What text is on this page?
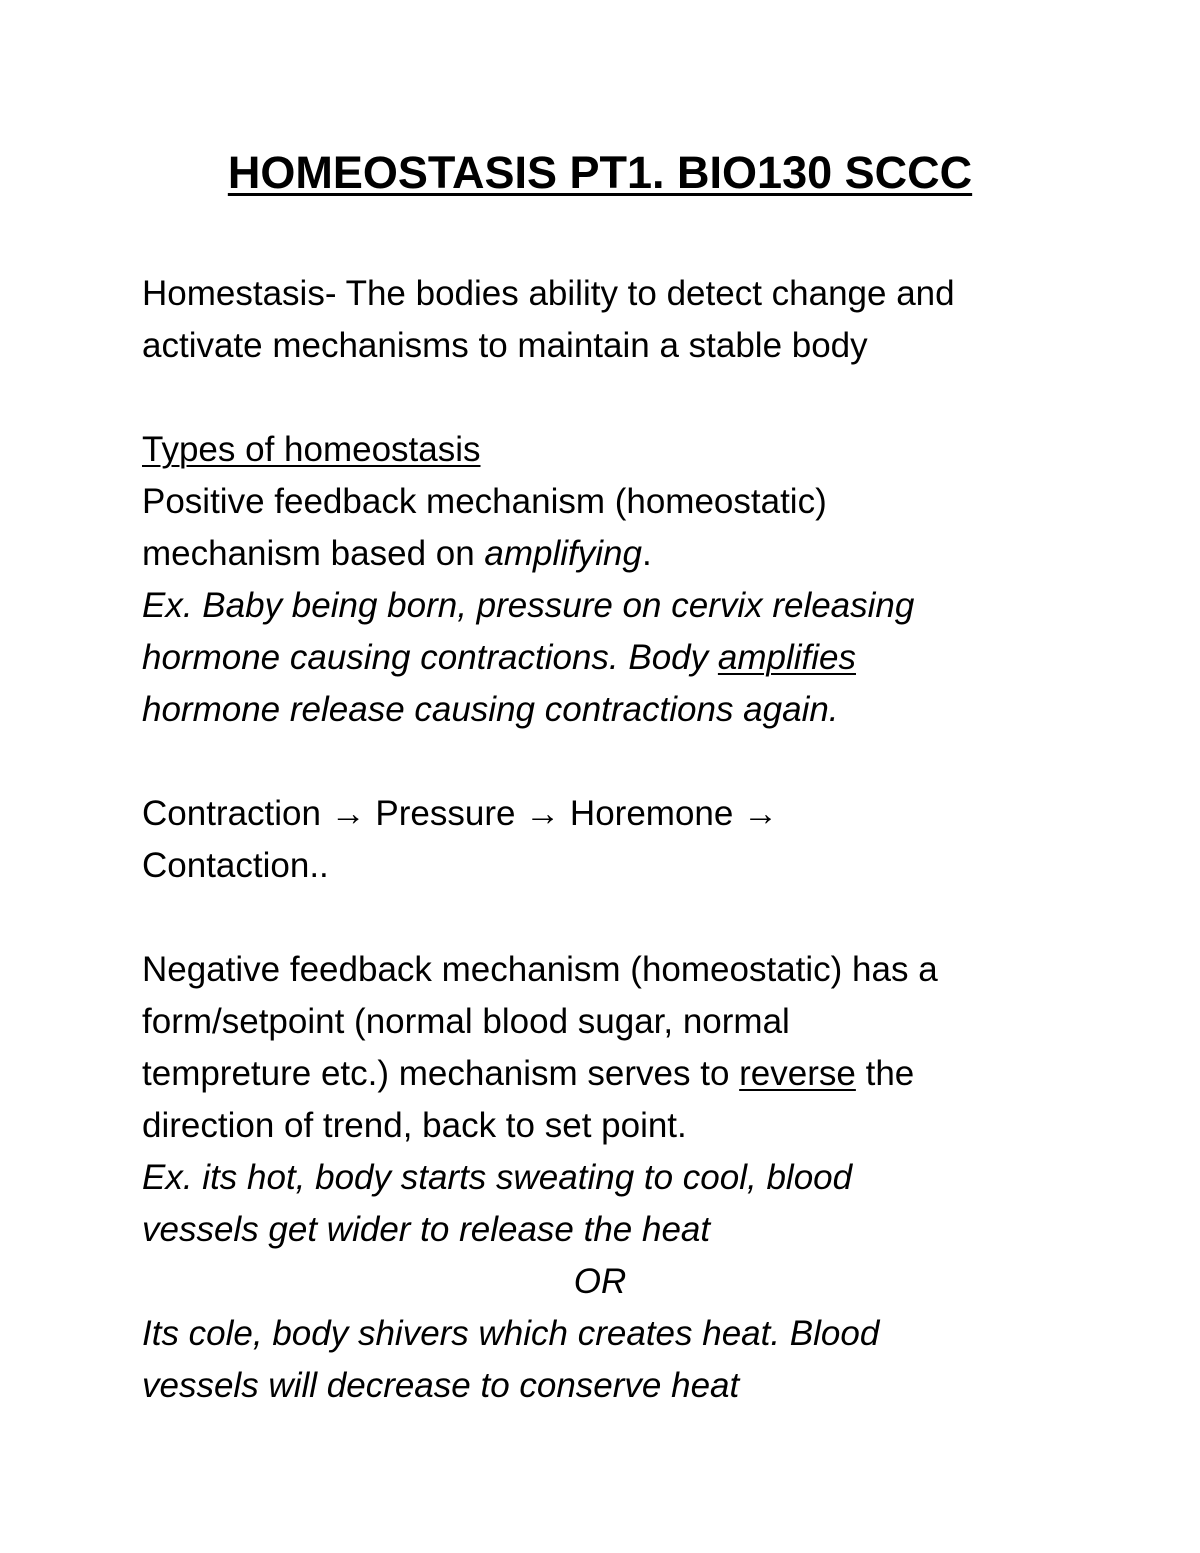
HOMEOSTASIS PT1. BIO130 SCCC

Homestasis- The bodies ability to detect change and

activate mechanisms to maintain a stable body

Types of homeostasis

Positive feedback mechanism (homeostatic)

mechanism based on amplifying.

Ex. Baby being born, pressure on cervix releasing

hormone causing contractions. Body amplifies

hormone release causing contractions again.

Contraction → Pressure → Horemone →

Contaction..

Negative feedback mechanism (homeostatic) has a

form/setpoint (normal blood sugar, normal

tempreture etc.) mechanism serves to reverse the

direction of trend, back to set point.

Ex. its hot, body starts sweating to cool, blood

vessels get wider to release the heat

OR

Its cole, body shivers which creates heat. Blood

vessels will decrease to conserve heat
